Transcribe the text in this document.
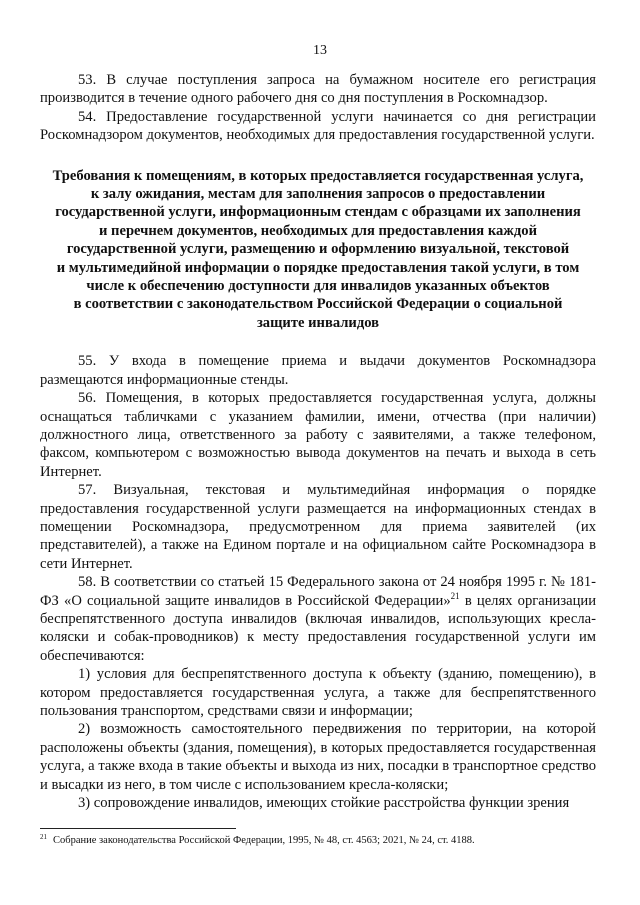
13

53. В случае поступления запроса на бумажном носителе его регистрация производится в течение одного рабочего дня со дня поступления в Роскомнадзор.

54. Предоставление государственной услуги начинается со дня регистрации Роскомнадзором документов, необходимых для предоставления государственной услуги.

Требования к помещениям, в которых предоставляется государственная услуга,
к залу ожидания, местам для заполнения запросов о предоставлении
государственной услуги, информационным стендам с образцами их заполнения
и перечнем документов, необходимых для предоставления каждой
государственной услуги, размещению и оформлению визуальной, текстовой
и мультимедийной информации о порядке предоставления такой услуги, в том
числе к обеспечению доступности для инвалидов указанных объектов
в соответствии с законодательством Российской Федерации о социальной
защите инвалидов

55. У входа в помещение приема и выдачи документов Роскомнадзора размещаются информационные стенды.

56. Помещения, в которых предоставляется государственная услуга, должны оснащаться табличками с указанием фамилии, имени, отчества (при наличии) должностного лица, ответственного за работу с заявителями, а также телефоном, факсом, компьютером с возможностью вывода документов на печать и выхода в сеть Интернет.

57. Визуальная, текстовая и мультимедийная информация о порядке предоставления государственной услуги размещается на информационных стендах в помещении Роскомнадзора, предусмотренном для приема заявителей (их представителей), а также на Едином портале и на официальном сайте Роскомнадзора в сети Интернет.

58. В соответствии со статьей 15 Федерального закона от 24 ноября 1995 г. № 181-ФЗ «О социальной защите инвалидов в Российской Федерации»$^{21}$ в целях организации беспрепятственного доступа инвалидов (включая инвалидов, использующих кресла-коляски и собак-проводников) к месту предоставления государственной услуги им обеспечиваются:

1) условия для беспрепятственного доступа к объекту (зданию, помещению), в котором предоставляется государственная услуга, а также для беспрепятственного пользования транспортом, средствами связи и информации;

2) возможность самостоятельного передвижения по территории, на которой расположены объекты (здания, помещения), в которых предоставляется государственная услуга, а также входа в такие объекты и выхода из них, посадки в транспортное средство и высадки из него, в том числе с использованием кресла-коляски;

3) сопровождение инвалидов, имеющих стойкие расстройства функции зрения

$^{21}$ Собрание законодательства Российской Федерации, 1995, № 48, ст. 4563; 2021, № 24, ст. 4188.
